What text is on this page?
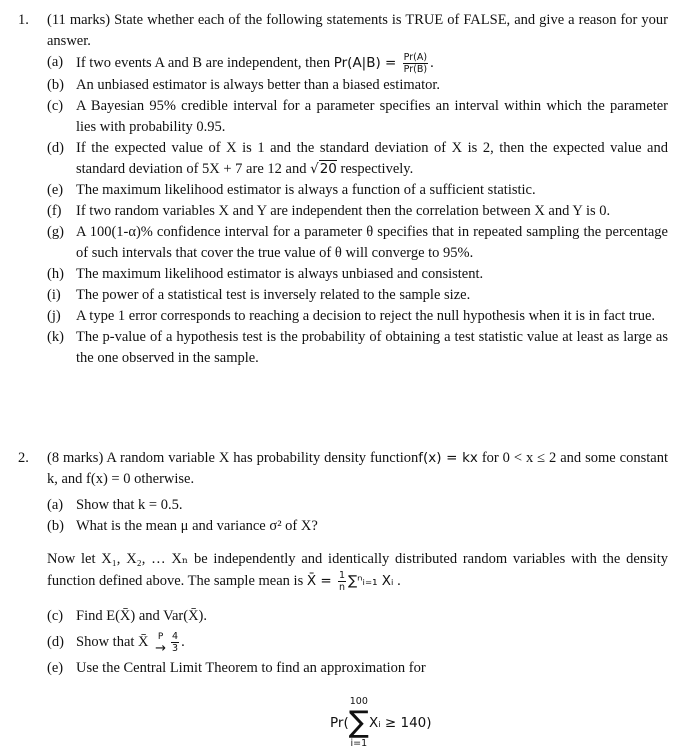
1.	(11 marks) State whether each of the following statements is TRUE of FALSE, and give a reason for your answer.

(a) If two events A and B are independent, then $Pr(A|B) = \frac{Pr(A)}{Pr(B)}$ .
(b) An unbiased estimator is always better than a biased estimator.
(c) A Bayesian 95% credible interval for a parameter specifies an interval within which the parameter lies with probability 0.95.
(d) If the expected value of X is 1 and the standard deviation of X is 2, then the expected value and standard deviation of 5X + 7 are 12 and √20 respectively.
(e) The maximum likelihood estimator is always a function of a sufficient statistic.
(f)	If two random variables X and Y are independent then the correlation between X and Y is 0.
(g) A 100(1-α)% confidence interval for a parameter θ specifies that in repeated sampling the percentage of such intervals that cover the true value of θ will converge to 95%.
(h) The maximum likelihood estimator is always unbiased and consistent.
(i)	The power of a statistical test is inversely related to the sample size.
(j)	A type 1 error corresponds to reaching a decision to reject the null hypothesis when it is in fact true.
(k) The p-value of a hypothesis test is the probability of obtaining a test statistic value at least as large as the one observed in the sample.
2.	(8 marks) A random variable X has probability density functionf(x) = kx for 0 < x ≤ 2 and some constant k, and f(x) = 0 otherwise.

(a) Show that k = 0.5.
(b) What is the mean μ and variance σ² of X?

Now let X₁, X₂, … Xₙ be independently and identically distributed random variables with the density function defined above. The sample mean is X̄ = $\frac{1}{n}$ ∑ⁿᵢ₌₁ Xᵢ .

(c) Find E(X̄) and Var(X̄).
(d) Show that X̄ P
→ $\frac{4}{3}$ .
(e) Use the Central Limit Theorem to find an approximation for
Pr(
100
∑
i=1
Xᵢ ≥ 140)
